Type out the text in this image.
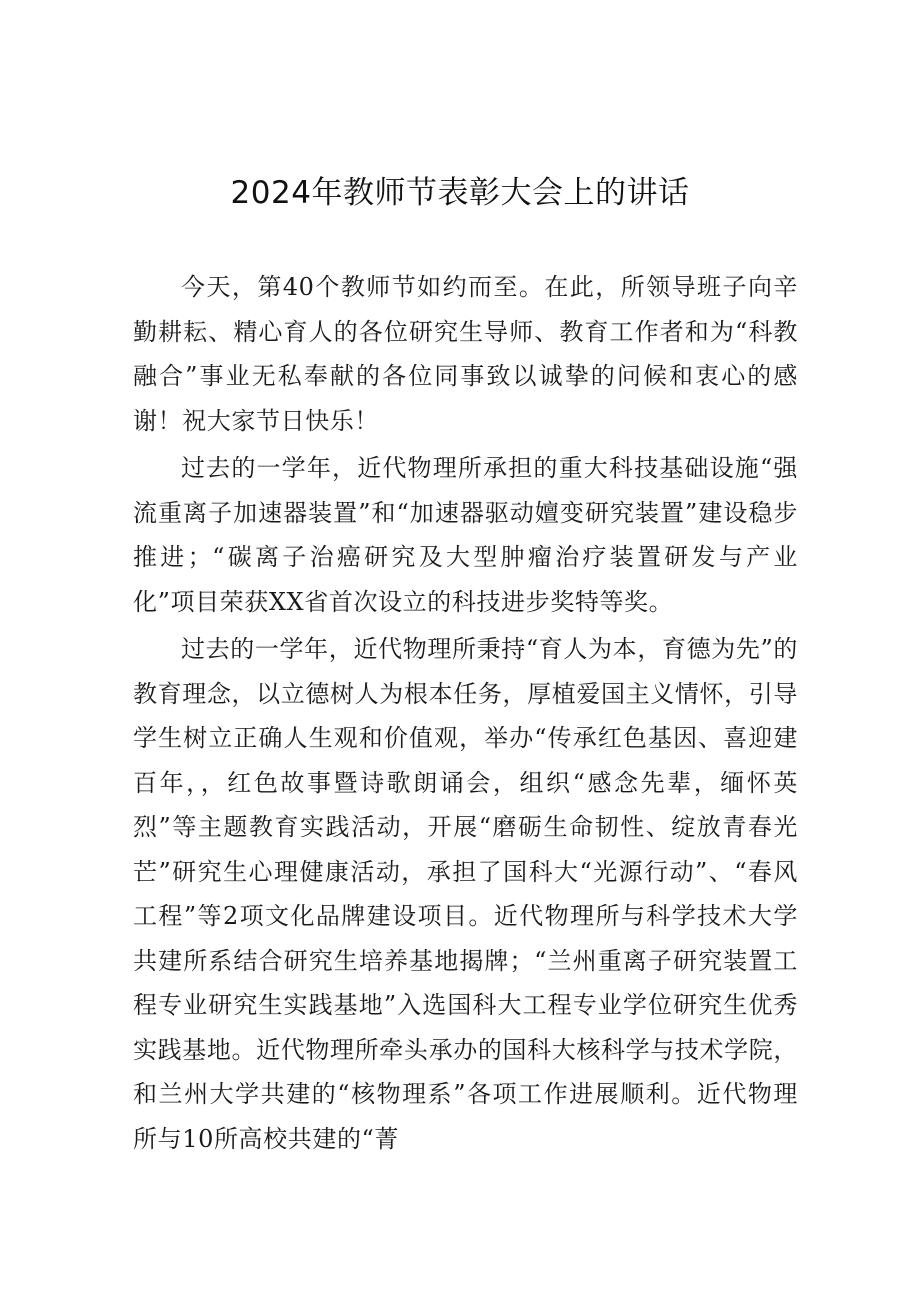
2024年教师节表彰大会上的讲话

今天，第40个教师节如约而至。在此，所领导班子向辛勤耕耘、精心育人的各位研究生导师、教育工作者和为“科教融合”事业无私奉献的各位同事致以诚挚的问候和衷心的感谢！祝大家节日快乐！

过去的一学年，近代物理所承担的重大科技基础设施“强流重离子加速器装置”和“加速器驱动嬗变研究装置”建设稳步推进；“碳离子治癌研究及大型肿瘤治疗装置研发与产业化”项目荣获XX省首次设立的科技进步奖特等奖。

过去的一学年，近代物理所秉持“育人为本，育德为先”的教育理念，以立德树人为根本任务，厚植爱国主义情怀，引导学生树立正确人生观和价值观，举办“传承红色基因、喜迎建百年，，红色故事暨诗歌朗诵会，组织“感念先辈，缅怀英烈”等主题教育实践活动，开展“磨砺生命韧性、绽放青春光芒”研究生心理健康活动，承担了国科大“光源行动”、“春风工程”等2项文化品牌建设项目。近代物理所与科学技术大学共建所系结合研究生培养基地揭牌；“兰州重离子研究装置工程专业研究生实践基地”入选国科大工程专业学位研究生优秀实践基地。近代物理所牵头承办的国科大核科学与技术学院，和兰州大学共建的“核物理系”各项工作进展顺利。近代物理所与10所高校共建的“菁
